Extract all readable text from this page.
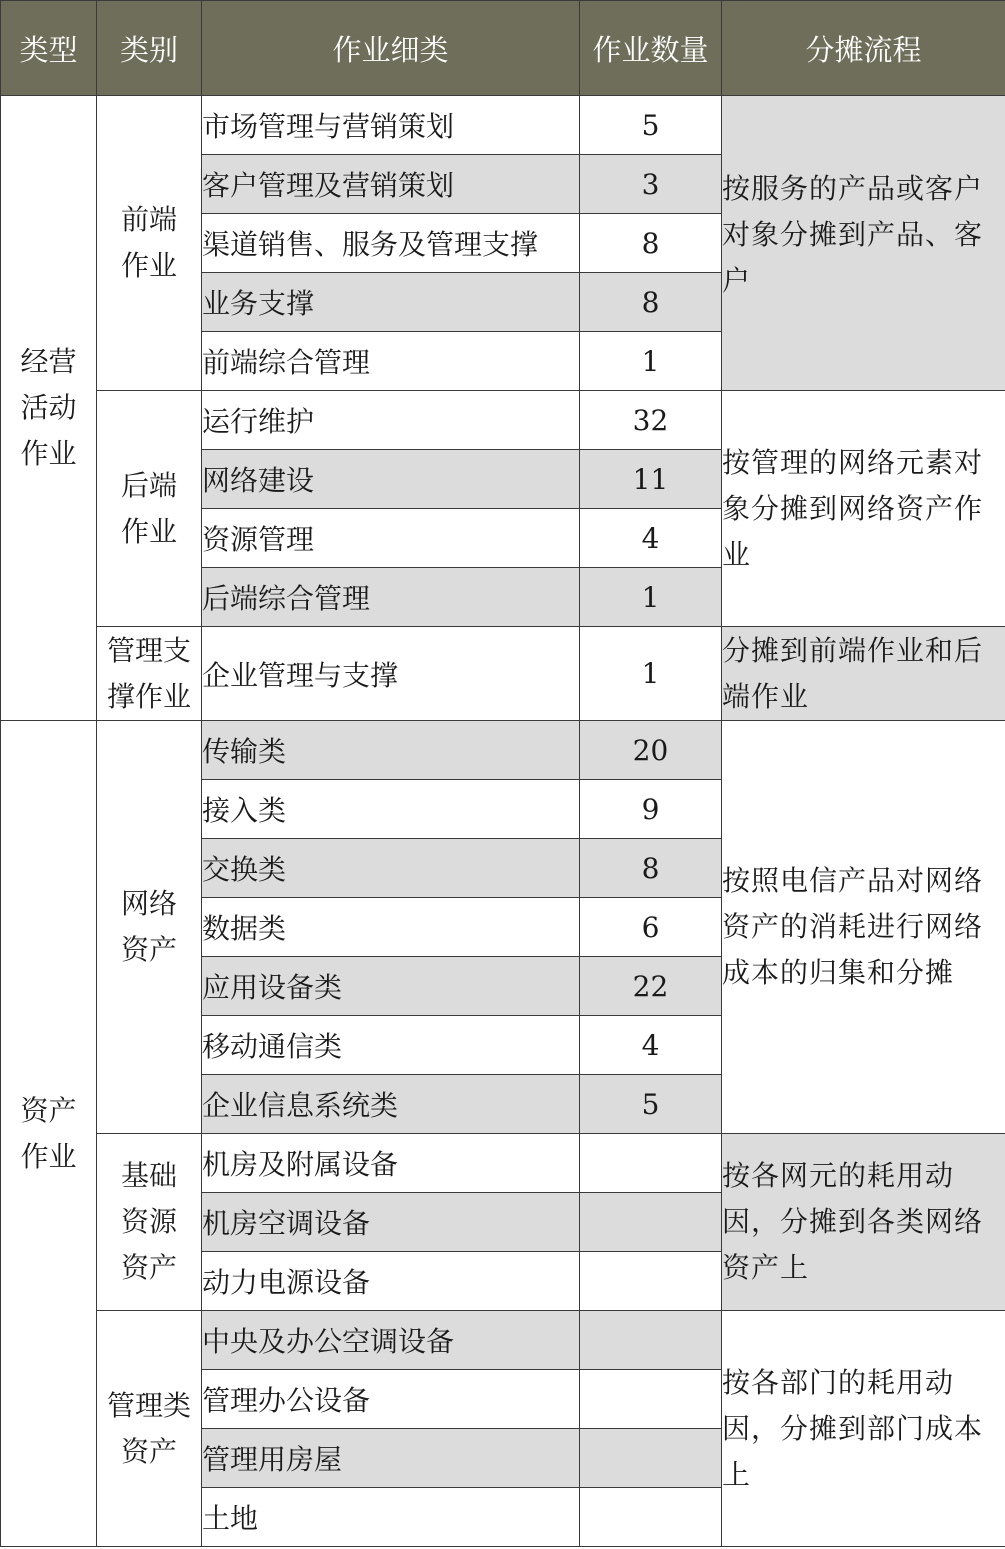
类型	类别	作业细类	作业数量	分摊流程
经营活动作业	前端作业	市场管理与营销策划	5	按服务的产品或客户对象分摊到产品、客户
		客户管理及营销策划	3	
		渠道销售、服务及管理支撑	8	
		业务支撑	8	
		前端综合管理	1	
	后端作业	运行维护	32	按管理的网络元素对象分摊到网络资产作业
		网络建设	11	
		资源管理	4	
		后端综合管理	1	
	管理支撑作业	企业管理与支撑	1	分摊到前端作业和后端作业
资产作业	网络资产	传输类	20	按照电信产品对网络资产的消耗进行网络成本的归集和分摊
		接入类	9	
		交换类	8	
		数据类	6	
		应用设备类	22	
		移动通信类	4	
		企业信息系统类	5	
	基础资源资产	机房及附属设备		按各网元的耗用动因，分摊到各类网络资产上
		机房空调设备		
		动力电源设备		
	管理类资产	中央及办公空调设备		按各部门的耗用动因，分摊到部门成本上
		管理办公设备		
		管理用房屋		
		土地		
